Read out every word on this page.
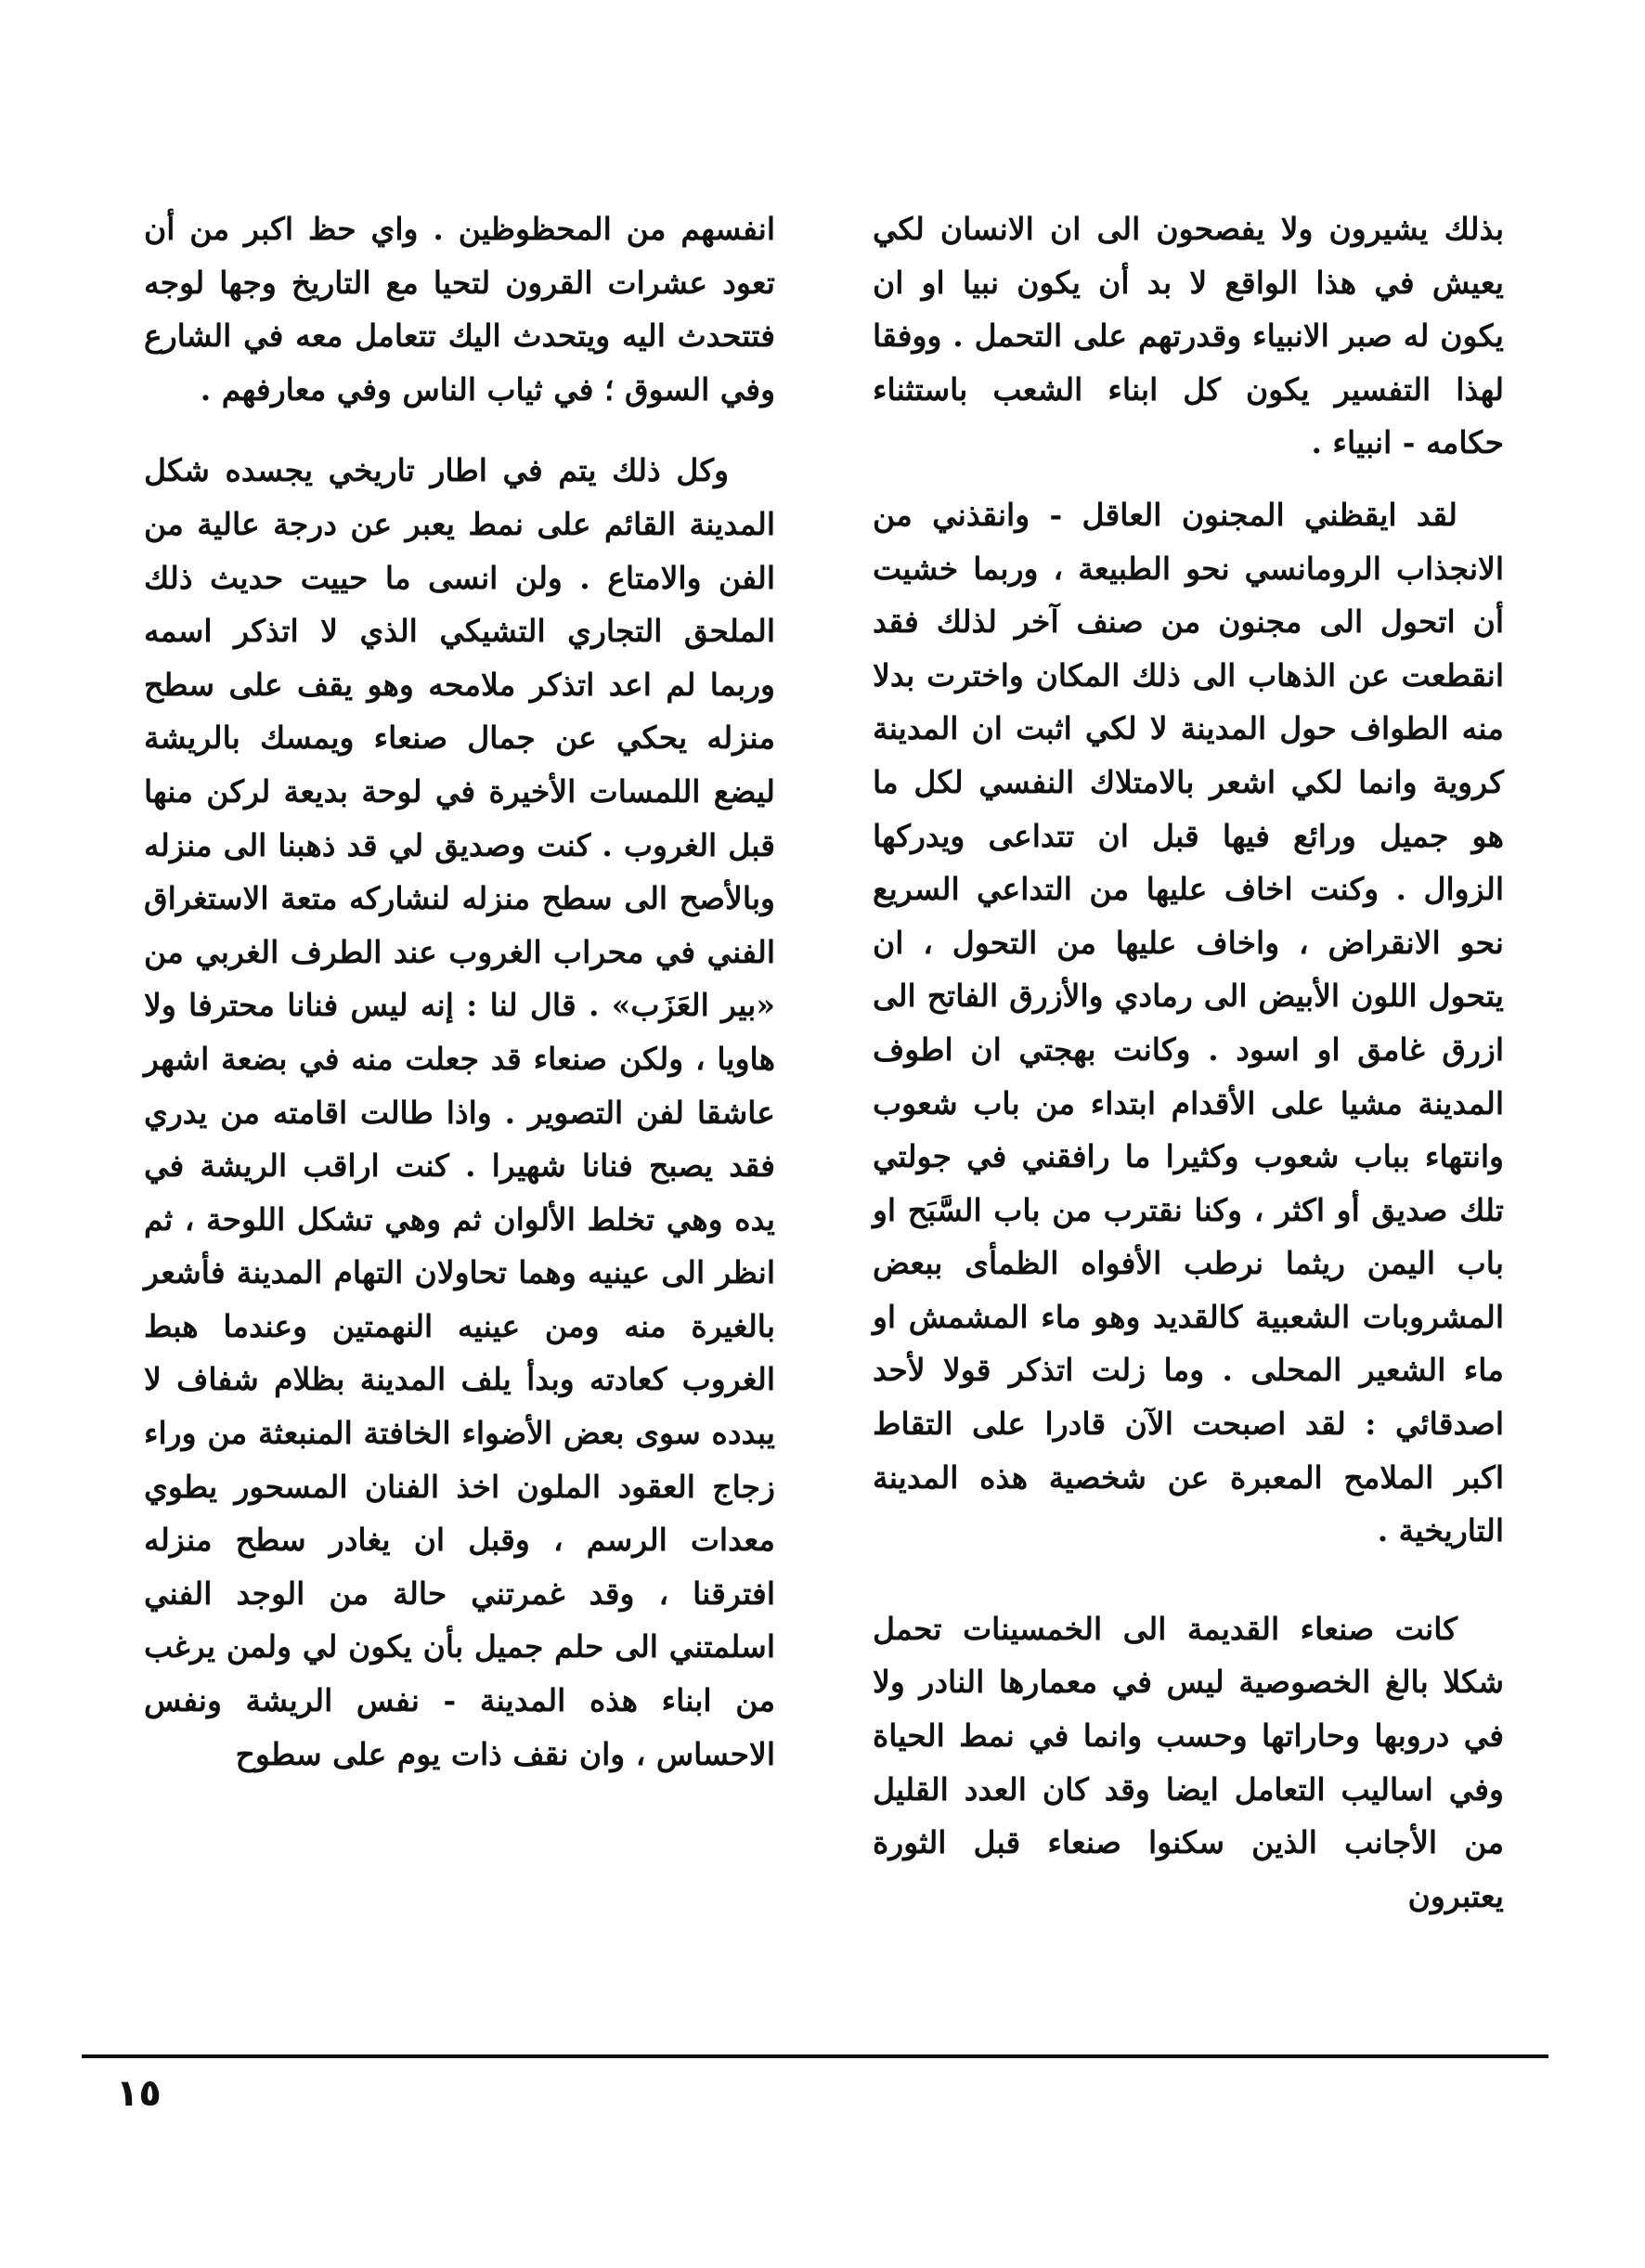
بذلك يشيرون ولا يفصحون الى ان الانسان لكي يعيش في هذا الواقع لا بد أن يكون نبيا او ان يكون له صبر الانبياء وقدرتهم على التحمل . ووفقا لهذا التفسير يكون كل ابناء الشعب باستثناء حكامه - انبياء .

لقد ايقظني المجنون العاقل - وانقذني من الانجذاب الرومانسي نحو الطبيعة ، وربما خشيت أن اتحول الى مجنون من صنف آخر لذلك فقد انقطعت عن الذهاب الى ذلك المكان واخترت بدلا منه الطواف حول المدينة لا لكي اثبت ان المدينة كروية وانما لكي اشعر بالامتلاك النفسي لكل ما هو جميل ورائع فيها قبل ان تتداعى ويدركها الزوال . وكنت اخاف عليها من التداعي السريع نحو الانقراض ، واخاف عليها من التحول ، ان يتحول اللون الأبيض الى رمادي والأزرق الفاتح الى ازرق غامق او اسود . وكانت بهجتي ان اطوف المدينة مشيا على الأقدام ابتداء من باب شعوب وانتهاء بباب شعوب وكثيرا ما رافقني في جولتي تلك صديق أو اكثر ، وكنا نقترب من باب السَّبَح او باب اليمن ريثما نرطب الأفواه الظمأى ببعض المشروبات الشعبية كالقديد وهو ماء المشمش او ماء الشعير المحلى . وما زلت اتذكر قولا لأحد اصدقائي : لقد اصبحت الآن قادرا على التقاط اكبر الملامح المعبرة عن شخصية هذه المدينة التاريخية .

كانت صنعاء القديمة الى الخمسينات تحمل شكلا بالغ الخصوصية ليس في معمارها النادر ولا في دروبها وحاراتها وحسب وانما في نمط الحياة وفي اساليب التعامل ايضا وقد كان العدد القليل من الأجانب الذين سكنوا صنعاء قبل الثورة يعتبرون

انفسهم من المحظوظين . واي حظ اكبر من أن تعود عشرات القرون لتحيا مع التاريخ وجها لوجه فتتحدث اليه ويتحدث اليك تتعامل معه في الشارع وفي السوق ؛ في ثياب الناس وفي معارفهم .

وكل ذلك يتم في اطار تاريخي يجسده شكل المدينة القائم على نمط يعبر عن درجة عالية من الفن والامتاع . ولن انسى ما حييت حديث ذلك الملحق التجاري التشيكي الذي لا اتذكر اسمه وربما لم اعد اتذكر ملامحه وهو يقف على سطح منزله يحكي عن جمال صنعاء ويمسك بالريشة ليضع اللمسات الأخيرة في لوحة بديعة لركن منها قبل الغروب . كنت وصديق لي قد ذهبنا الى منزله وبالأصح الى سطح منزله لنشاركه متعة الاستغراق الفني في محراب الغروب عند الطرف الغربي من «بير العَزَب» . قال لنا : إنه ليس فنانا محترفا ولا هاويا ، ولكن صنعاء قد جعلت منه في بضعة اشهر عاشقا لفن التصوير . واذا طالت اقامته من يدري فقد يصبح فنانا شهيرا . كنت اراقب الريشة في يده وهي تخلط الألوان ثم وهي تشكل اللوحة ، ثم انظر الى عينيه وهما تحاولان التهام المدينة فأشعر بالغيرة منه ومن عينيه النهمتين وعندما هبط الغروب كعادته وبدأ يلف المدينة بظلام شفاف لا يبدده سوى بعض الأضواء الخافتة المنبعثة من وراء زجاج العقود الملون اخذ الفنان المسحور يطوي معدات الرسم ، وقبل ان يغادر سطح منزله افترقنا ، وقد غمرتني حالة من الوجد الفني اسلمتني الى حلم جميل بأن يكون لي ولمن يرغب من ابناء هذه المدينة - نفس الريشة ونفس الاحساس ، وان نقف ذات يوم على سطوح

١٥
